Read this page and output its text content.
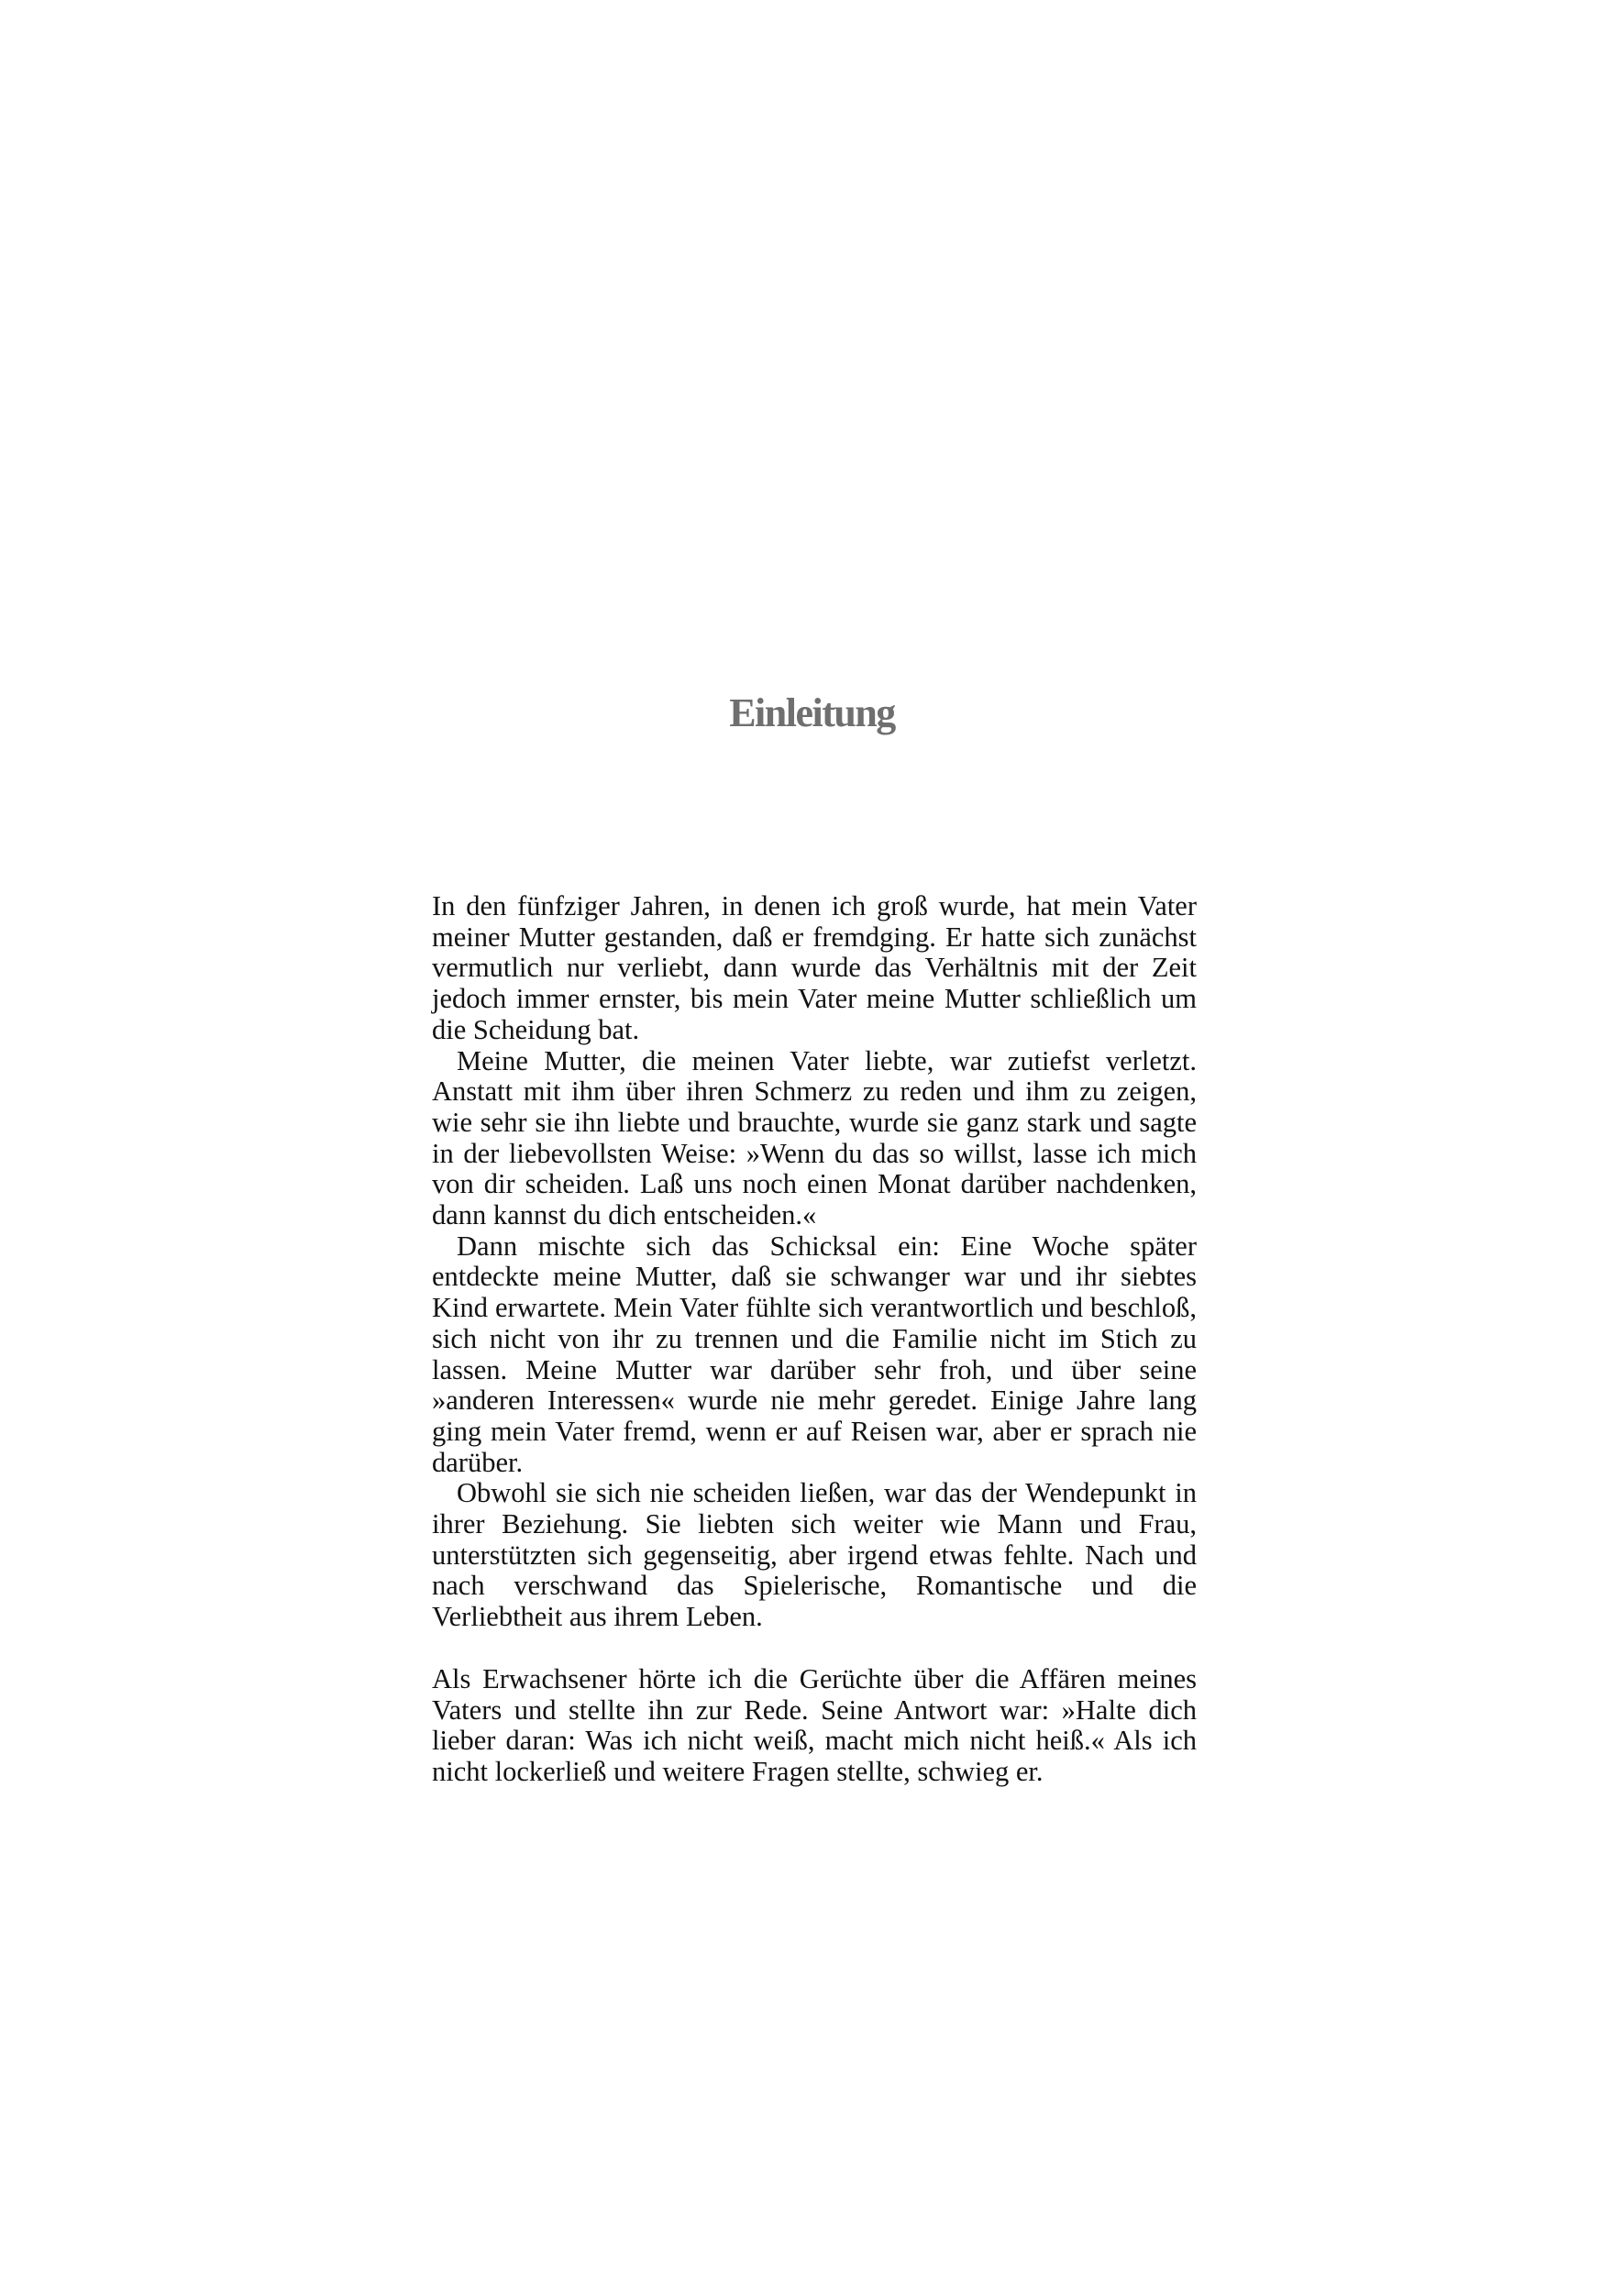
Einleitung

In den fünfziger Jahren, in denen ich groß wurde, hat mein Vater meiner Mutter gestanden, daß er fremdging. Er hatte sich zunächst vermutlich nur verliebt, dann wurde das Verhältnis mit der Zeit jedoch immer ernster, bis mein Vater meine Mutter schließlich um die Scheidung bat.

Meine Mutter, die meinen Vater liebte, war zutiefst verletzt. Anstatt mit ihm über ihren Schmerz zu reden und ihm zu zeigen, wie sehr sie ihn liebte und brauchte, wurde sie ganz stark und sagte in der liebevollsten Weise: »Wenn du das so willst, lasse ich mich von dir scheiden. Laß uns noch einen Monat darüber nachdenken, dann kannst du dich entscheiden.«

Dann mischte sich das Schicksal ein: Eine Woche später entdeckte meine Mutter, daß sie schwanger war und ihr siebtes Kind erwartete. Mein Vater fühlte sich verantwortlich und beschloß, sich nicht von ihr zu trennen und die Familie nicht im Stich zu lassen. Meine Mutter war darüber sehr froh, und über seine »anderen Interessen« wurde nie mehr geredet. Einige Jahre lang ging mein Vater fremd, wenn er auf Reisen war, aber er sprach nie darüber.

Obwohl sie sich nie scheiden ließen, war das der Wendepunkt in ihrer Beziehung. Sie liebten sich weiter wie Mann und Frau, unterstützten sich gegenseitig, aber irgend etwas fehlte. Nach und nach verschwand das Spielerische, Romantische und die Verliebtheit aus ihrem Leben.

Als Erwachsener hörte ich die Gerüchte über die Affären meines Vaters und stellte ihn zur Rede. Seine Antwort war: »Halte dich lieber daran: Was ich nicht weiß, macht mich nicht heiß.« Als ich nicht lockerließ und weitere Fragen stellte, schwieg er.
